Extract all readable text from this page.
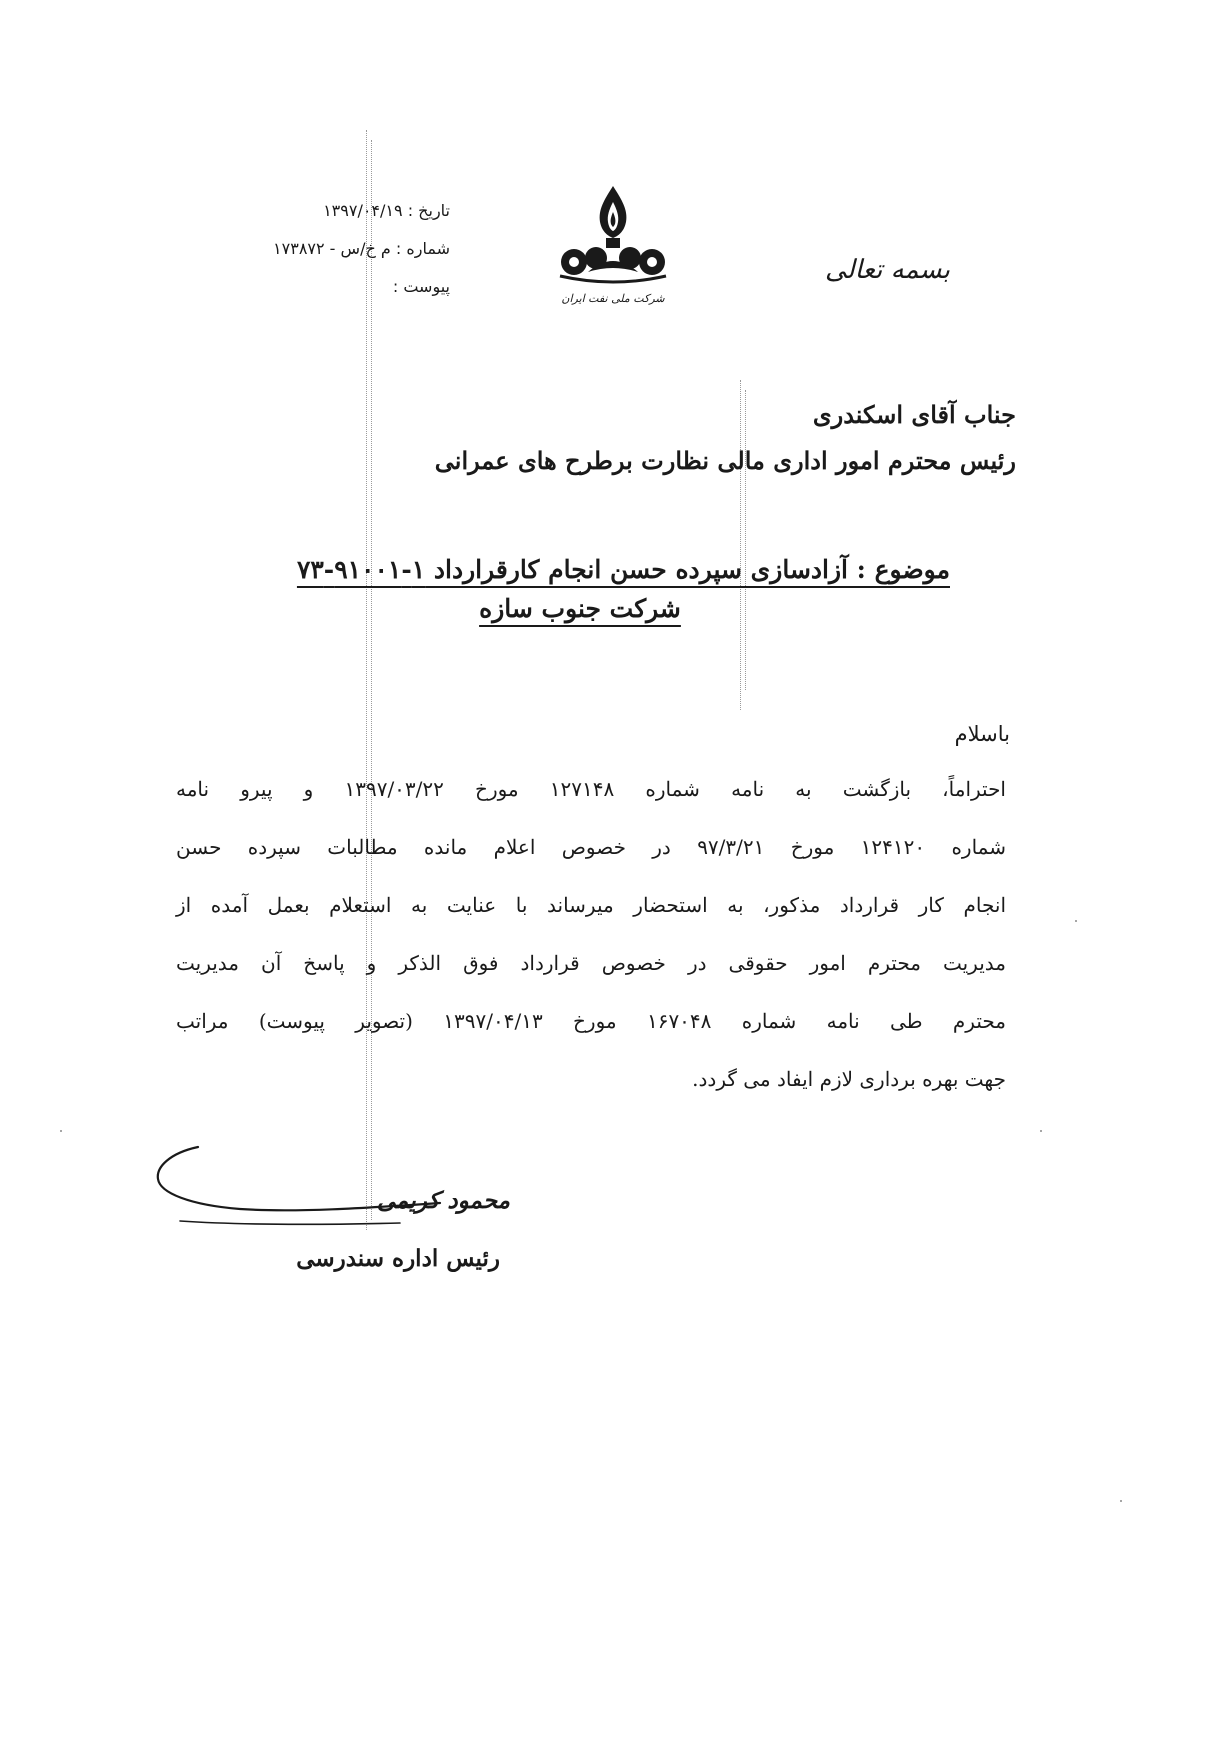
تاریخ : ۱۳۹۷/۰۴/۱۹
شماره : م خ/س - ۱۷۳۸۷۲
پیوست :
شرکت ملی نفت ایران
بسمه تعالی
جناب آقای اسکندری
رئیس محترم امور اداری مالی نظارت برطرح های عمرانی
موضوع : آزادسازی سپرده حسن انجام کارقرارداد ۱-۹۱۰۰۱-۷۳
شرکت جنوب سازه
باسلام
احتراماً، بازگشت به نامه شماره ۱۲۷۱۴۸ مورخ ۱۳۹۷/۰۳/۲۲ و پیرو نامه
شماره ۱۲۴۱۲۰ مورخ ۹۷/۳/۲۱ در خصوص اعلام مانده مطالبات سپرده حسن
انجام کار قرارداد مذکور، به استحضار میرساند با عنایت به استعلام بعمل آمده از
مدیریت محترم امور حقوقی در خصوص قرارداد فوق الذکر و پاسخ آن مدیریت
محترم طی نامه شماره ۱۶۷۰۴۸ مورخ ۱۳۹۷/۰۴/۱۳ (تصویر پیوست) مراتب
جهت بهره برداری لازم ایفاد می گردد.
محمود کریمی
رئیس اداره سندرسی
